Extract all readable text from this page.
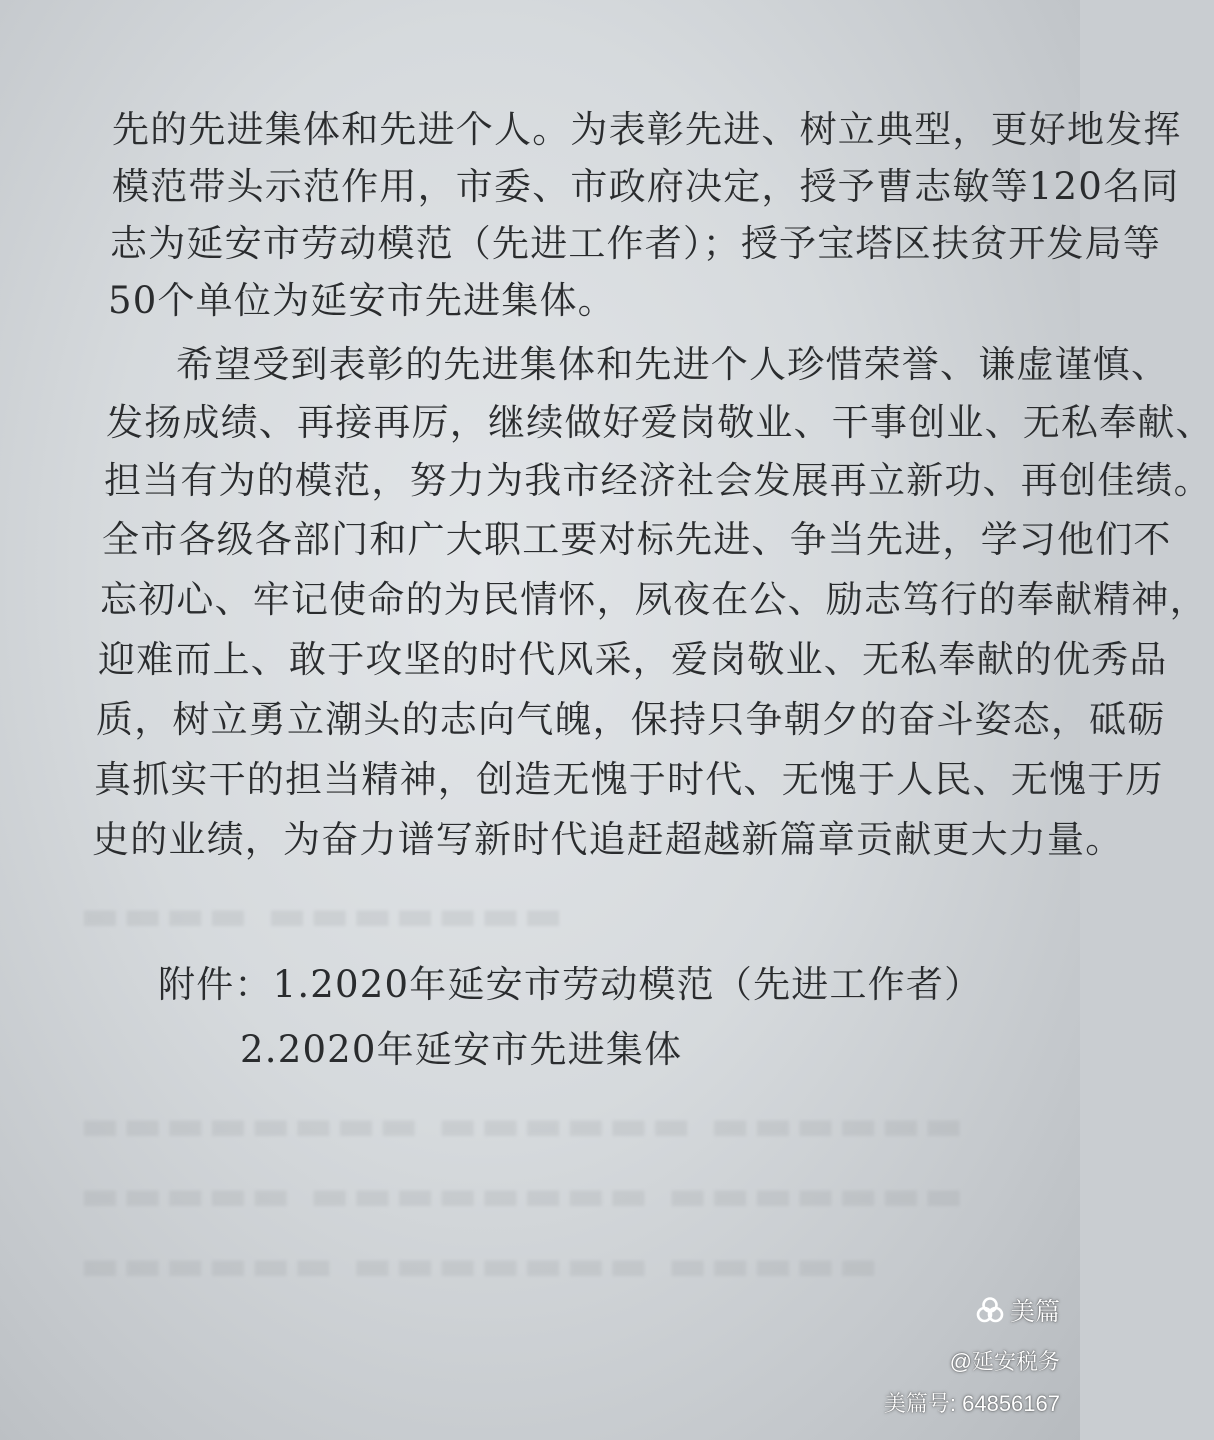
▬▬▬▬ ▬▬▬▬▬▬▬
▬▬▬▬▬▬▬▬ ▬▬▬▬▬▬ ▬▬▬▬▬▬
▬▬▬▬▬ ▬▬▬▬▬▬▬▬ ▬▬▬▬▬▬▬
▬▬▬▬▬▬ ▬▬▬▬▬▬▬ ▬▬▬▬▬
先的先进集体和先进个人。为表彰先进、树立典型，更好地发挥
模范带头示范作用，市委、市政府决定，授予曹志敏等120名同
志为延安市劳动模范（先进工作者）；授予宝塔区扶贫开发局等
50个单位为延安市先进集体。
希望受到表彰的先进集体和先进个人珍惜荣誉、谦虚谨慎、
发扬成绩、再接再厉，继续做好爱岗敬业、干事创业、无私奉献、
担当有为的模范，努力为我市经济社会发展再立新功、再创佳绩。
全市各级各部门和广大职工要对标先进、争当先进，学习他们不
忘初心、牢记使命的为民情怀，夙夜在公、励志笃行的奉献精神，
迎难而上、敢于攻坚的时代风采，爱岗敬业、无私奉献的优秀品
质，树立勇立潮头的志向气魄，保持只争朝夕的奋斗姿态，砥砺
真抓实干的担当精神，创造无愧于时代、无愧于人民、无愧于历
史的业绩，为奋力谱写新时代追赶超越新篇章贡献更大力量。
附件：1.2020年延安市劳动模范（先进工作者）
2.2020年延安市先进集体
美篇
@延安税务
美篇号: 64856167
